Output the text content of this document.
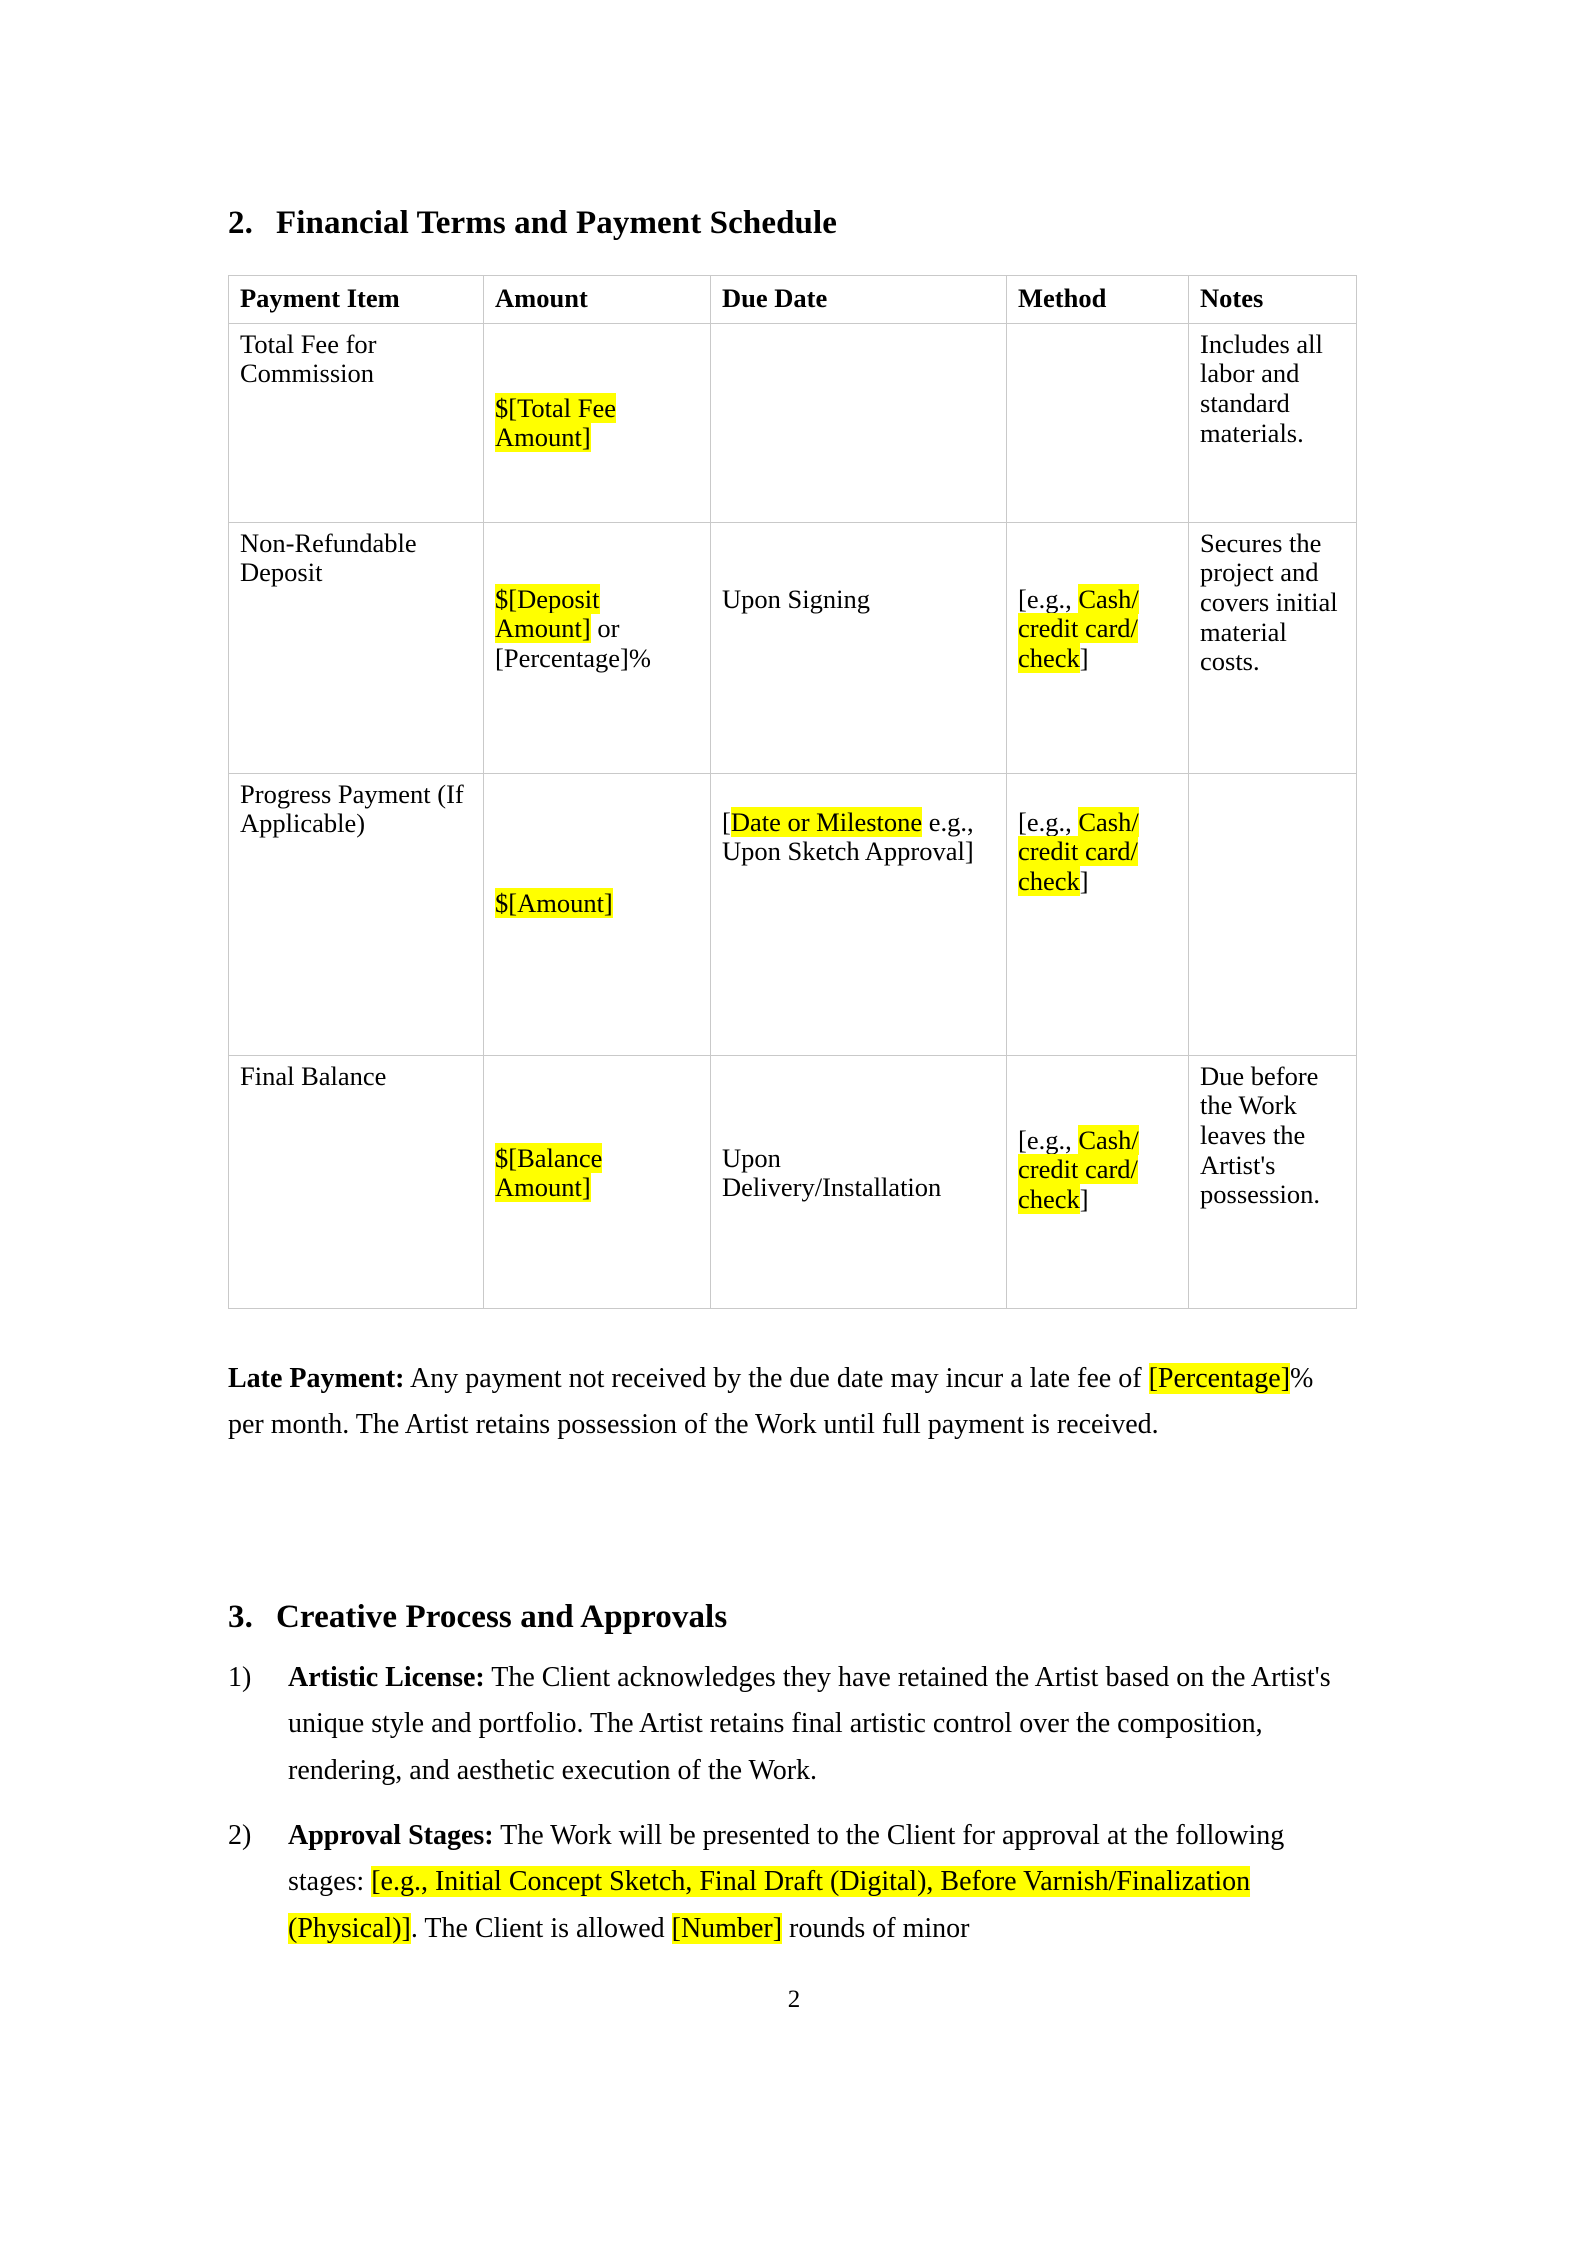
2. Financial Terms and Payment Schedule
Payment Item	Amount	Due Date	Method	Notes
Total Fee for Commission	$[Total Fee Amount]			Includes all labor and standard materials.
Non-Refundable Deposit	$[Deposit Amount] or [Percentage]%	Upon Signing	[e.g., Cash/ credit card/ check]	Secures the project and covers initial material costs.
Progress Payment (If Applicable)	$[Amount]	[Date or Milestone e.g., Upon Sketch Approval]	[e.g., Cash/ credit card/ check]	
Final Balance	$[Balance Amount]	Upon Delivery/Installation	[e.g., Cash/ credit card/ check]	Due before the Work leaves the Artist's possession.

Late Payment: Any payment not received by the due date may incur a late fee of [Percentage]% per month. The Artist retains possession of the Work until full payment is received.

3. Creative Process and Approvals
1)	Artistic License: The Client acknowledges they have retained the Artist based on the Artist's unique style and portfolio. The Artist retains final artistic control over the composition, rendering, and aesthetic execution of the Work.
2)	Approval Stages: The Work will be presented to the Client for approval at the following stages: [e.g., Initial Concept Sketch, Final Draft (Digital), Before Varnish/Finalization (Physical)]. The Client is allowed [Number] rounds of minor
2
